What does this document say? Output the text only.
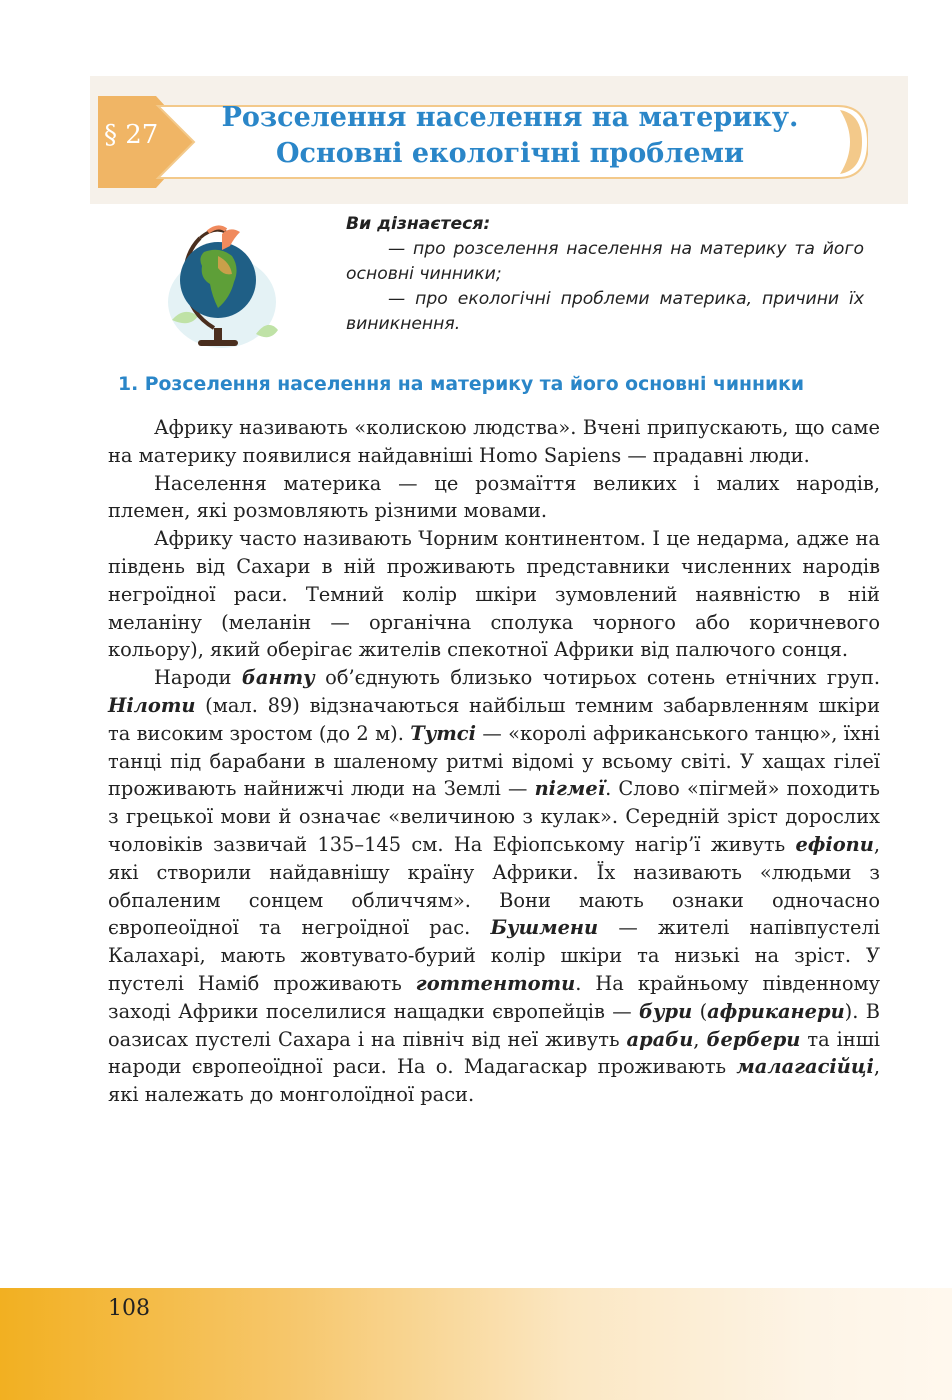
§ 27
Розселення населення на материку.
Основні екологічні проблеми
Ви дізнаєтеся:

— про розселення населення на материку та його основні чинники;

— про екологічні проблеми материка, причини їх виникнення.

1. Розселення населення на материку та його основні чинники

Африку називають «колискою людства». Вчені припускають, що саме на материку появилися найдавніші Homo Sapiens — прадавні люди.

Населення материка — це розмаїття великих і малих народів, племен, які розмовляють різними мовами.

Африку часто називають Чорним континентом. І це недарма, адже на південь від Сахари в ній проживають представники численних народів негроїдної раси. Темний колір шкіри зумовлений наявністю в ній меланіну (меланін — органічна сполука чорного або коричневого кольору), який оберігає жителів спекотної Африки від палючого сонця.

Народи банту об’єднують близько чотирьох сотень етнічних груп. Нілоти (мал. 89) відзначаються найбільш темним забарвленням шкіри та високим зростом (до 2 м). Тутсі — «королі африканського танцю», їхні танці під барабани в шаленому ритмі відомі у всьому світі. У хащах гілеї проживають найнижчі люди на Землі — пігмеї. Слово «пігмей» походить з грецької мови й означає «величиною з кулак». Середній зріст дорослих чоловіків зазвичай 135–145 см. На Ефіопському нагір’ї живуть ефіопи, які створили найдавнішу країну Африки. Їх називають «людьми з обпаленим сонцем обличчям». Вони мають ознаки одночасно європеоїдної та негроїдної рас. Бушмени — жителі напівпустелі Калахарі, мають жовтувато-бурий колір шкіри та низькі на зріст. У пустелі Наміб проживають готтентоти. На крайньому південному заході Африки поселилися нащадки європейців — бури (африканери). В оазисах пустелі Сахара і на північ від неї живуть араби, бербери та інші народи європеоїдної раси. На о. Мадагаскар проживають малагасійці, які належать до монголоїдної раси.

108
